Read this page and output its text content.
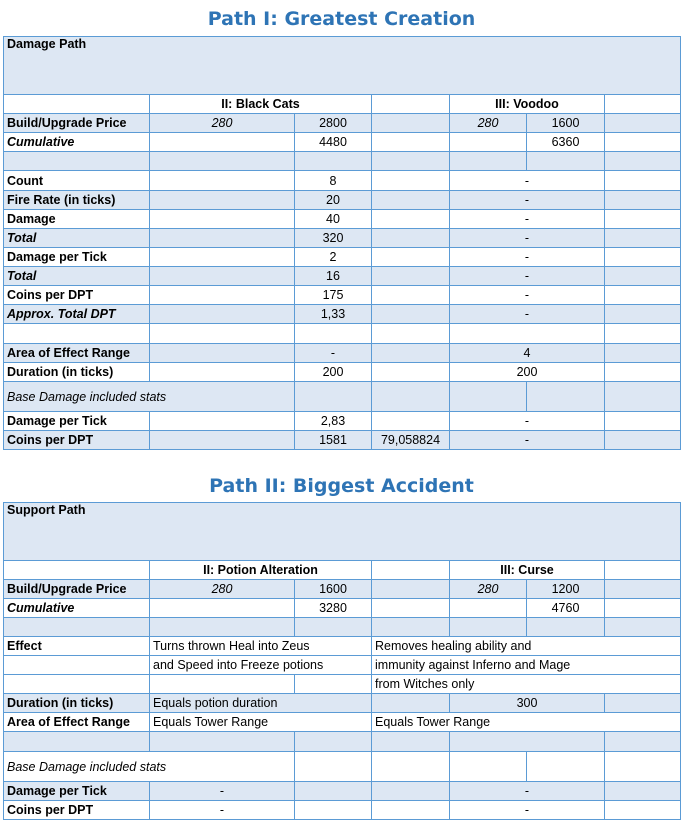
Path I: Greatest Creation
Damage Path						
	II: Black Cats			III: Voodoo		
Build/Upgrade Price	280	2800		280	1600	
Cumulative		4480			6360	

Count		8		-		
Fire Rate (in ticks)		20		-		
Damage		40		-		
Total		320		-		
Damage per Tick		2		-		
Total		16		-		
Coins per DPT		175		-		
Approx. Total DPT		1,33		-		

Area of Effect Range		-		4		
Duration (in ticks)		200		200		
Base Damage included stats						
Damage per Tick		2,83		-		
Coins per DPT		1581	79,058824	-		
Path II: Biggest Accident
Support Path						
	II: Potion Alteration			III: Curse		
Build/Upgrade Price	280	1600		280	1200	
Cumulative		3280			4760	

Effect	Turns thrown Heal into Zeus		Removes healing ability and			
	and Speed into Freeze potions		immunity against Inferno and Mage			
			from Witches only			
Duration (in ticks)	Equals potion duration			300		
Area of Effect Range	Equals Tower Range		Equals Tower Range			

Base Damage included stats						
Damage per Tick	-			-		
Coins per DPT	-			-		
